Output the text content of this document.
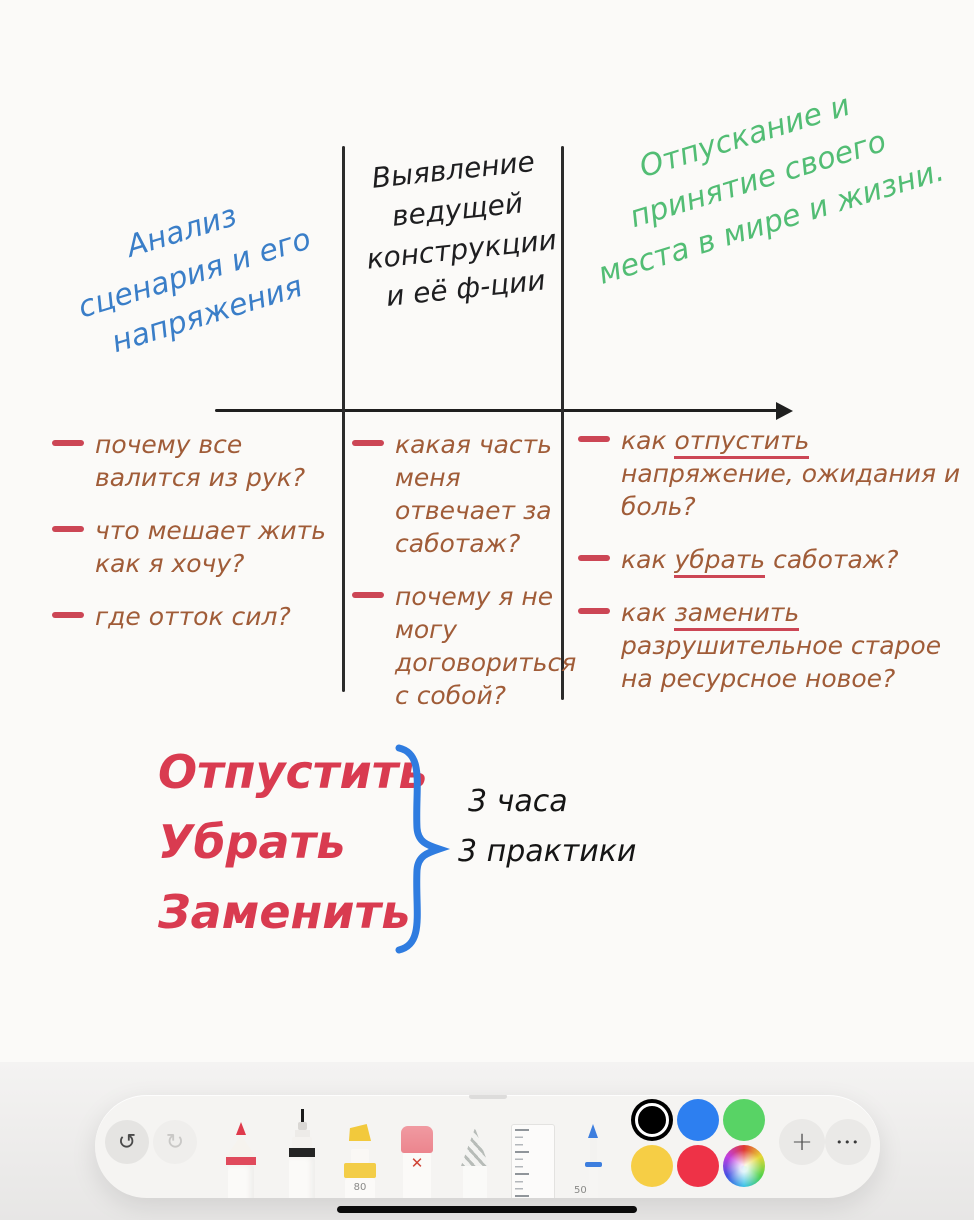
Анализ сценария и его напряжения
Выявление ведущей конструкции и её ф-ции
Отпускание и принятие своего места в мире и жизни.
почему все валится из рук?
что мешает жить как я хочу?
где отток сил?
какая часть меня отвечает за саботаж?
почему я не могу договориться с собой?
как отпустить напряжение, ожидания и боль?
как убрать саботаж?
как заменить разрушительное старое на ресурсное новое?
Отпустить
Убрать
Заменить
3 часа
3 практики
↺	↻
80
✕
50
+	•••
